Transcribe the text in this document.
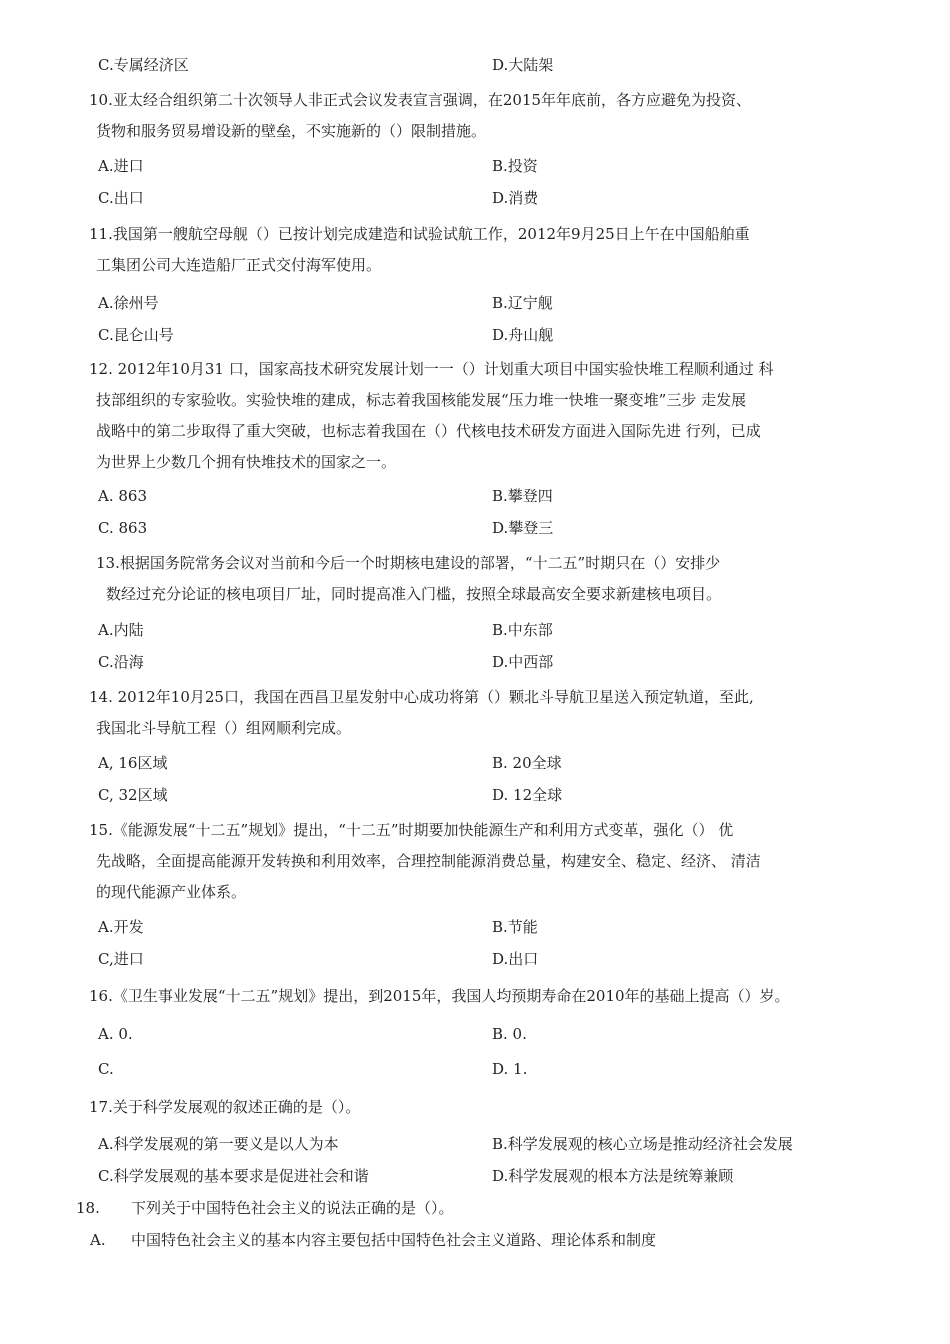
C.专属经济区	D.大陆架
10.亚太经合组织第二十次领导人非正式会议发表宣言强调，在2015年年底前，各方应避免为投资、
货物和服务贸易增设新的壁垒，不实施新的（）限制措施。
A.进口	B.投资
C.出口	D.消费
11.我国第一艘航空母舰（）已按计划完成建造和试验试航工作，2012年9月25日上午在中国船舶重
工集团公司大连造船厂正式交付海军使用。
A.徐州号	B.辽宁舰
C.昆仑山号	D.舟山舰
12. 2012年10月31 口，国家高技术研究发展计划一一（）计划重大项目中国实验快堆工程顺利通过 科
技部组织的专家验收。实验快堆的建成，标志着我国核能发展“压力堆一快堆一聚变堆”三步 走发展
战略中的第二步取得了重大突破，也标志着我国在（）代核电技术研发方面进入国际先进 行列，已成
为世界上少数几个拥有快堆技术的国家之一。
A. 863	B.攀登四
C. 863	D.攀登三
13.根据国务院常务会议对当前和今后一个时期核电建设的部署，“十二五”时期只在（）安排少
数经过充分论证的核电项目厂址，同时提高准入门槛，按照全球最高安全要求新建核电项目。
A.内陆	B.中东部
C.沿海	D.中西部
14. 2012年10月25口，我国在西昌卫星发射中心成功将第（）颗北斗导航卫星送入预定轨道，至此,
我国北斗导航工程（）组网顺利完成。
A, 16区域	B. 20全球
C, 32区域	D. 12全球
15.《能源发展“十二五”规划》提出，“十二五”时期要加快能源生产和利用方式变革，强化（） 优
先战略，全面提高能源开发转换和利用效率，合理控制能源消费总量，构建安全、稳定、经济、 清洁
的现代能源产业体系。
A.开发	B.节能
C,进口	D.出口
16.《卫生事业发展“十二五”规划》提出，到2015年，我国人均预期寿命在2010年的基础上提高（）岁。
A. 0.	B. 0.
C.	D. 1.
17.关于科学发展观的叙述正确的是（）。
A.科学发展观的第一要义是以人为本	B.科学发展观的核心立场是推动经济社会发展
C.科学发展观的基本要求是促进社会和谐	D.科学发展观的根本方法是统筹兼顾
18. 下列关于中国特色社会主义的说法正确的是（）。
A. 中国特色社会主义的基本内容主要包括中国特色社会主义道路、理论体系和制度
